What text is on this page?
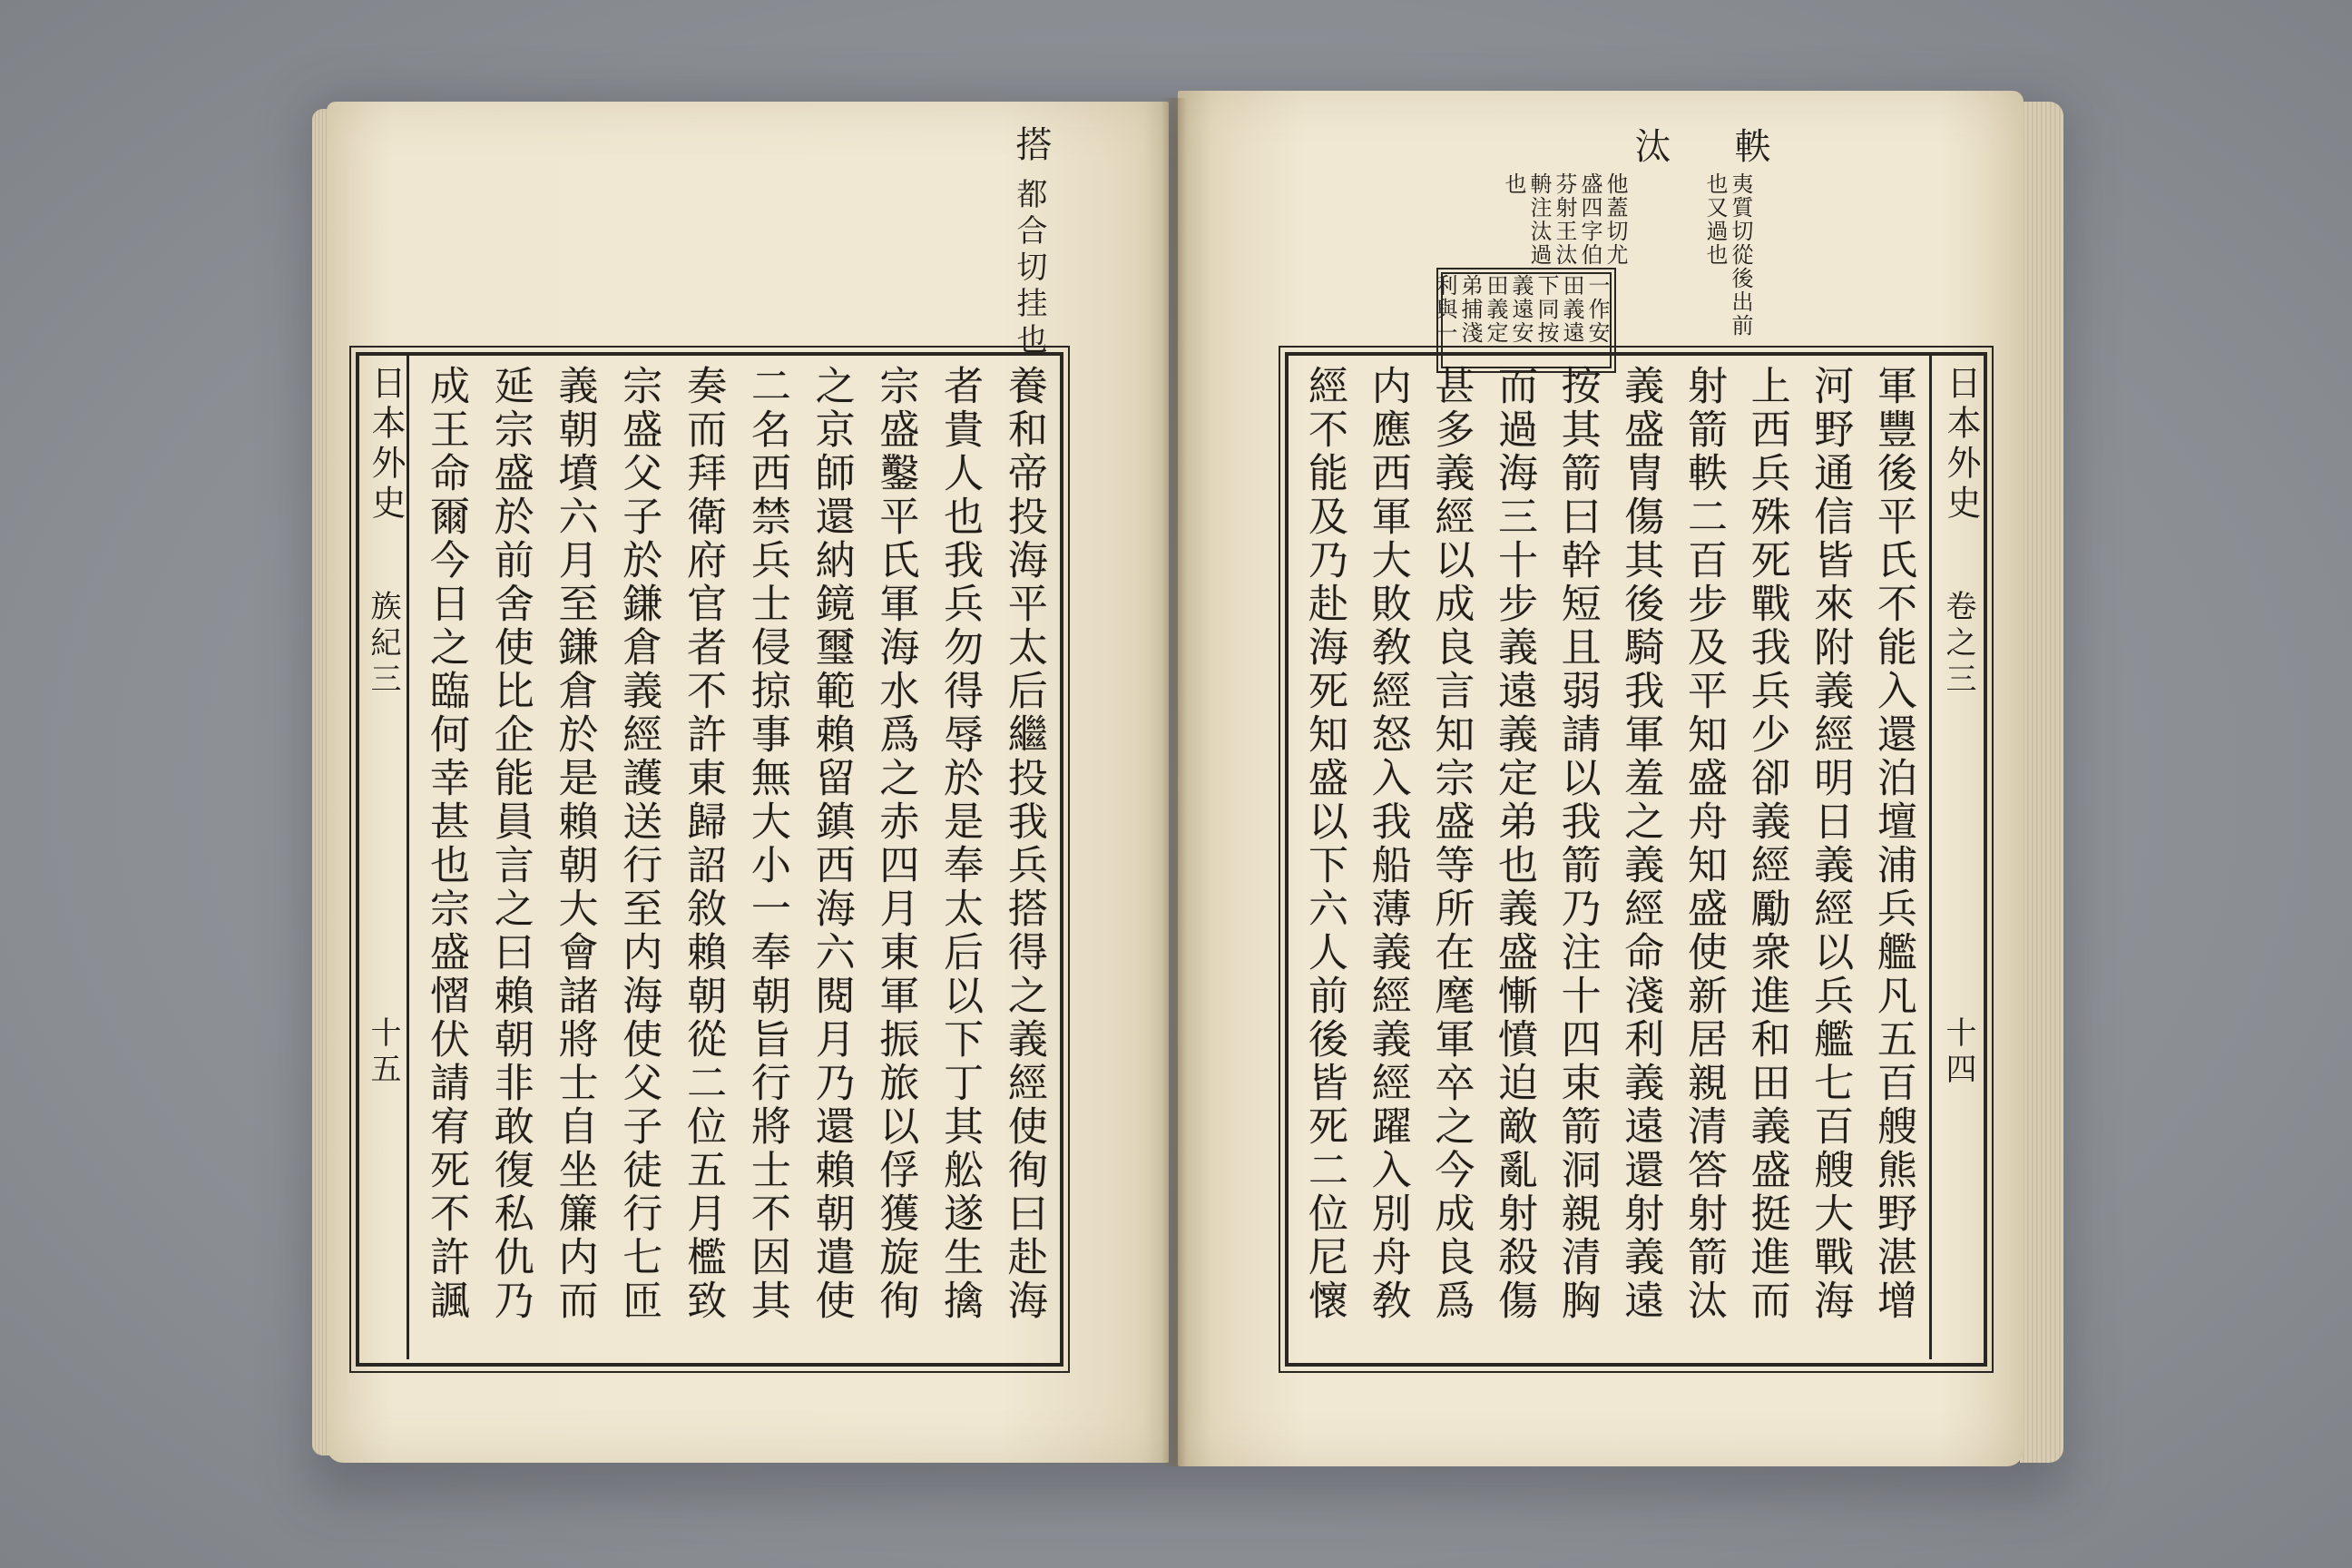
搭
都合切挂也
日本外史
族紀三
十五	養和帝投海平太后繼投我兵搭得之義經使徇曰赴海
者貴人也我兵勿得辱於是奉太后以下丁其舩遂生擒
宗盛鑿平氏軍海水爲之赤四月東軍振旅以俘獲旋徇
之京師還納鏡璽範賴留鎮西海六閱月乃還賴朝遣使
二名西禁兵士侵掠事無大小一奉朝旨行將士不因其
奏而拜衛府官者不許東歸詔敘賴朝從二位五月檻致
宗盛父子於鎌倉義經護送行至内海使父子徒行七匝
義朝墳六月至鎌倉於是賴朝大會諸將士自坐簾内而
延宗盛於前舍使比企能員言之曰賴朝非敢復私仇乃
成王命爾今日之臨何幸甚也宗盛慴伏請宥死不許諷
軼
夷質切從後出前也又過也
汰
他蓋切尤盛四字伯芬射王汰輈注汰過也
一作安田義遠下同按義遠安田義定弟捕淺利與一
日本外史
卷之三
十四
軍豐後平氏不能入還泊壇浦兵艦凡五百艘熊野湛增
河野通信皆來附義經明日義經以兵艦七百艘大戰海
上西兵殊死戰我兵少卻義經勵衆進和田義盛挺進而
射箭軼二百步及平知盛舟知盛使新居親清答射箭汰
義盛冑傷其後騎我軍羞之義經命淺利義遠還射義遠
按其箭曰幹短且弱請以我箭乃注十四束箭洞親清胸
而過海三十步義遠義定弟也義盛慚憤迫敵亂射殺傷
甚多義經以成良言知宗盛等所在麾軍卒之今成良爲
内應西軍大敗敎經怒入我船薄義經義經躍入別舟敎
經不能及乃赴海死知盛以下六人前後皆死二位尼懷
